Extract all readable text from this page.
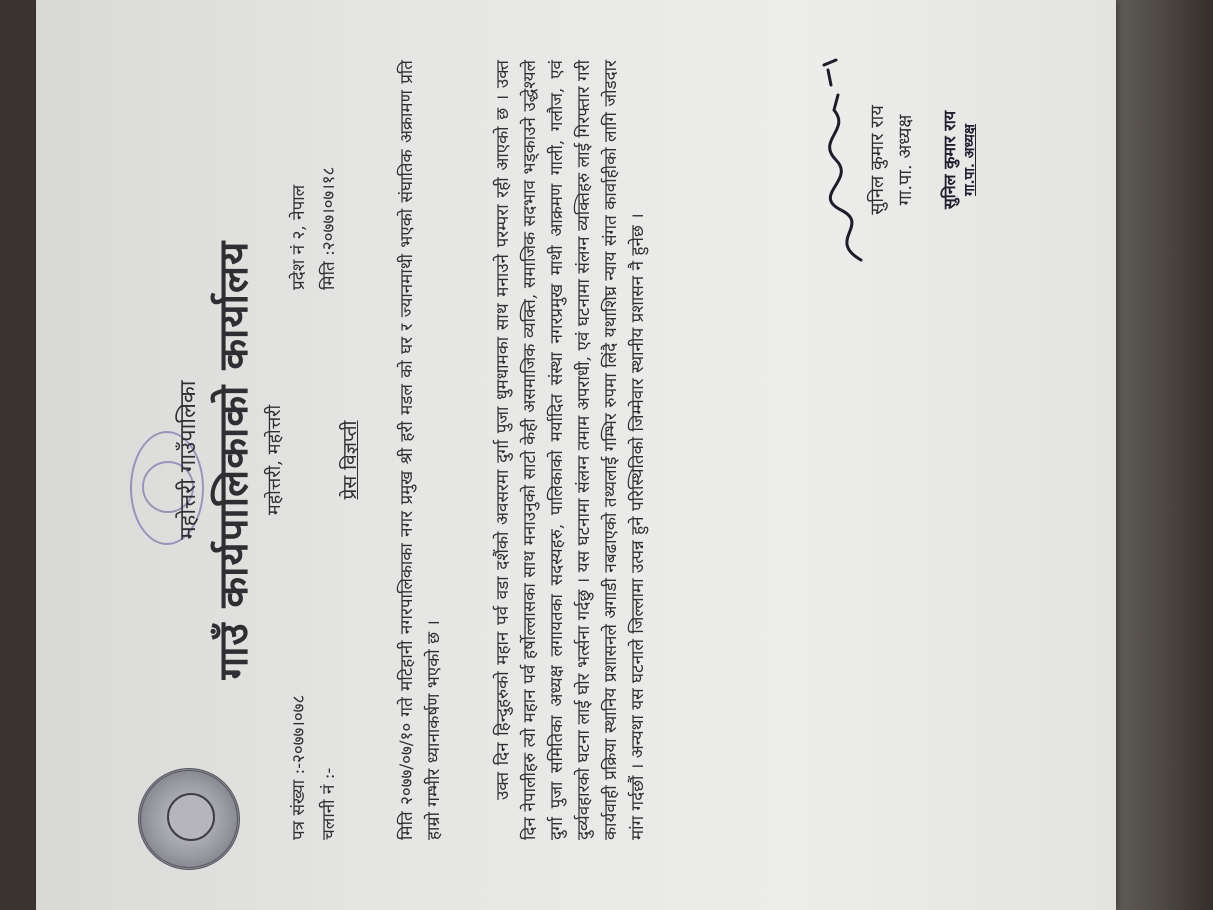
महोत्तरी गाउँपालिका गाउँ कार्यपालिकाको कार्यालय महोत्तरी, महोत्तरी
पत्र संख्या :-२०७७।०७८ चलानी नं :-
प्रदेश नं २, नेपाल मिति :२०७७।०७।१८
प्रेस विज्ञप्ती मिति २०७७/०७/१० गते मटिहानी नगरपालिकाका नगर प्रमुख श्री हरी मडल को घर र ज्यानमाथी भएको संघातिक अक्रामण प्रति हाम्रो गम्भीर ध्यानाकर्षण भएको छ ।	उक्त दिन हिन्दुहरुको महान पर्व वडा दशैंको अवसरमा दुर्गा पुजा धुमधामका साथ मनाउने परम्परा रही आएको छ । उक्त दिन नेपालीहरु त्यो महान पर्व हर्षोल्लासका साथ मनाउनुको साटो केही असमाजिक व्यक्ति, समाजिक सदभाव भड्काउने उद्धेश्यले दुर्गा पुजा समितिका अध्यक्ष लगायतका सदस्यहरु, पालिकाको मर्यादित संस्था नगरप्रमुख माथी आक्रमण गाली, गलौज, एवं दुर्व्यवहारको घटना लाई घोर भर्त्सना गर्दछु । यस घटनामा संलग्न तमाम अपराधी, एवं घटनामा संलग्न व्यक्तिहरु लाई गिरफ्तार गरी कार्यवाही प्रक्रिया स्थानिय प्रशासनले अगाडी नबढाएको तथ्यलाई गम्भिर रुपमा लिंदै यथाशिघ्र न्याय संगत कार्वाहीको लागि जोडदार मांग गर्दछौं । अन्यथा यस घटनाले जिल्लामा उत्पन्न हुने परिस्थितिको जिम्मेवार स्थानीय प्रशासन नै हुनेछ ।
सुनिल कुमार राय गा.पा. अध्यक्ष सुनिल कुमार राय गा.पा. अध्यक्ष
